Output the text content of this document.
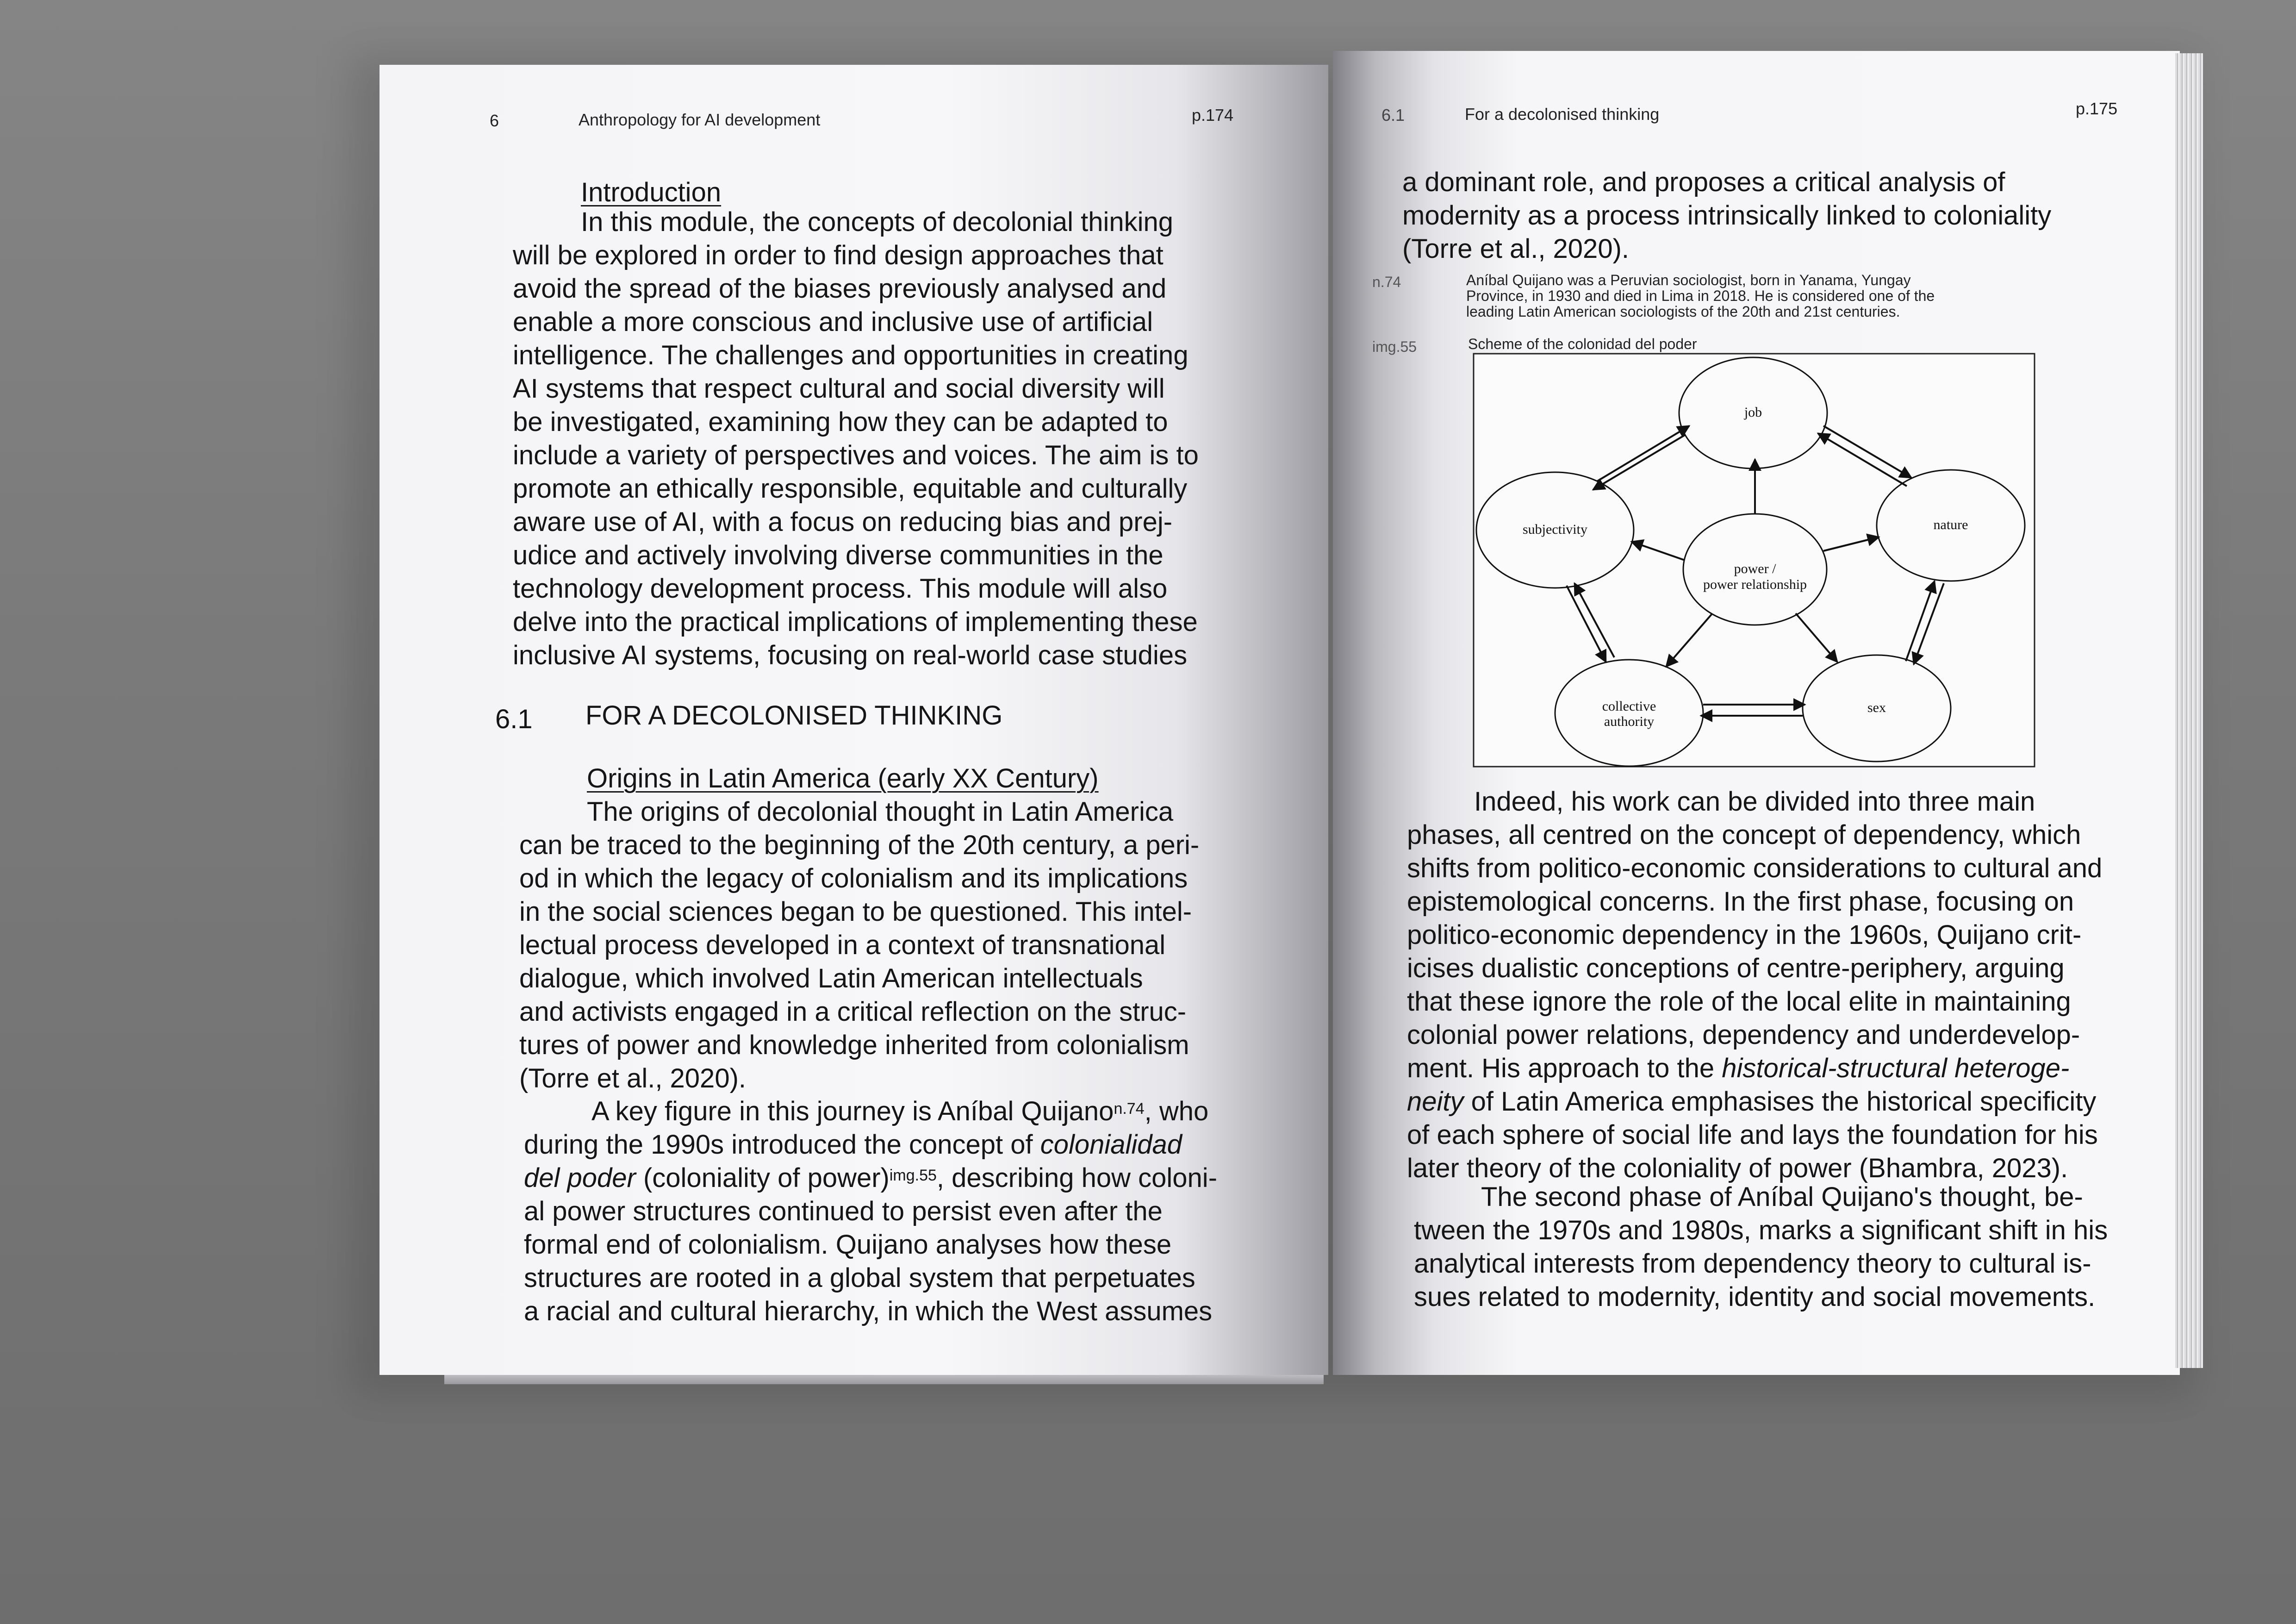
6	Anthropology for AI development	p.174
Introduction

In this module, the concepts of decolonial thinking

will be explored in order to find design approaches that

avoid the spread of the biases previously analysed and

enable a more conscious and inclusive use of artificial

intelligence. The challenges and opportunities in creating

AI systems that respect cultural and social diversity will

be investigated, examining how they can be adapted to

include a variety of perspectives and voices. The aim is to

promote an ethically responsible, equitable and culturally

aware use of AI, with a focus on reducing bias and prej-

udice and actively involving diverse communities in the

technology development process. This module will also

delve into the practical implications of implementing these

inclusive AI systems, focusing on real-world case studies

6.1 FOR A DECOLONISED THINKING
Origins in Latin America (early XX Century)

The origins of decolonial thought in Latin America

can be traced to the beginning of the 20th century, a peri-

od in which the legacy of colonialism and its implications

in the social sciences began to be questioned. This intel-

lectual process developed in a context of transnational

dialogue, which involved Latin American intellectuals

and activists engaged in a critical reflection on the struc-

tures of power and knowledge inherited from colonialism

(Torre et al., 2020).

A key figure in this journey is Aníbal Quijano$^{n.74}$, who

during the 1990s introduced the concept of colonialidad

del poder (coloniality of power)$^{img.55}$, describing how coloni-

al power structures continued to persist even after the

formal end of colonialism. Quijano analyses how these

structures are rooted in a global system that perpetuates

a racial and cultural hierarchy, in which the West assumes

6.1	For a decolonised thinking	p.175

a dominant role, and proposes a critical analysis of

modernity as a process intrinsically linked to coloniality

(Torre et al., 2020).

n.74	Aníbal Quijano was a Peruvian sociologist, born in Yanama, Yungay
Province, in 1930 and died in Lima in 2018. He is considered one of the
leading Latin American sociologists of the 20th and 21st centuries.
img.55	Scheme of the colonidad del poder
job
nature
subjectivity
power /
power relationship
collective
authority
sex

Indeed, his work can be divided into three main

phases, all centred on the concept of dependency, which

shifts from politico-economic considerations to cultural and

epistemological concerns. In the first phase, focusing on

politico-economic dependency in the 1960s, Quijano crit-

icises dualistic conceptions of centre-periphery, arguing

that these ignore the role of the local elite in maintaining

colonial power relations, dependency and underdevelop-

ment. His approach to the historical-structural heteroge-

neity of Latin America emphasises the historical specificity

of each sphere of social life and lays the foundation for his

later theory of the coloniality of power (Bhambra, 2023).

The second phase of Aníbal Quijano's thought, be-

tween the 1970s and 1980s, marks a significant shift in his

analytical interests from dependency theory to cultural is-

sues related to modernity, identity and social movements.
